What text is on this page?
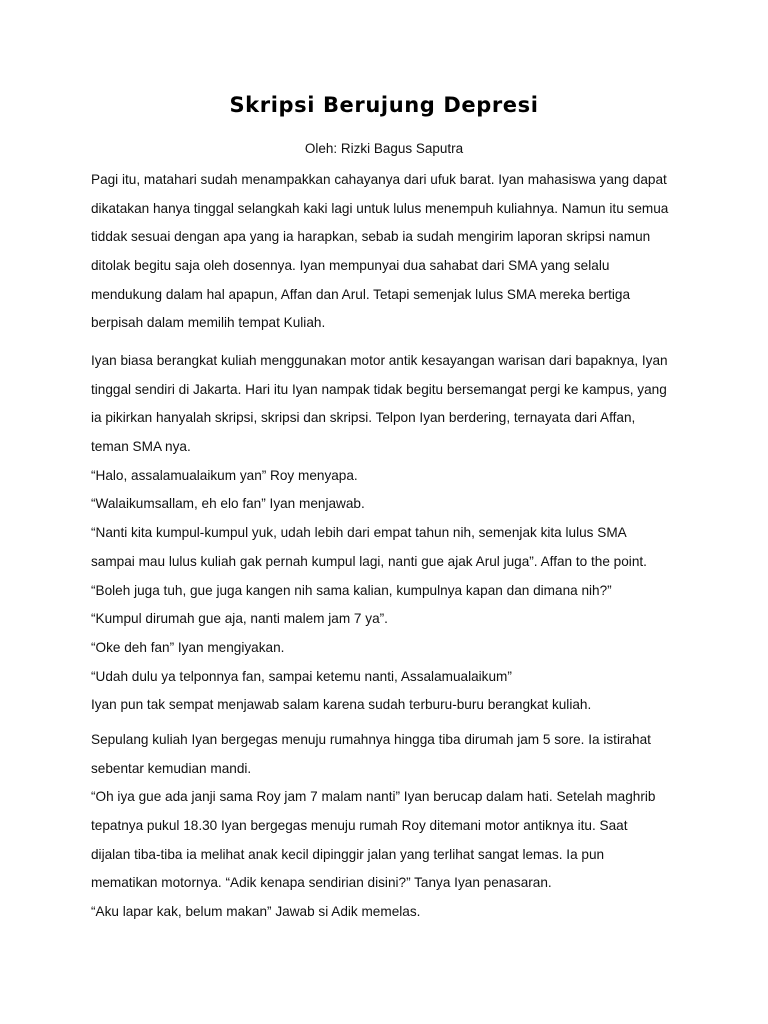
Skripsi Berujung Depresi

Oleh: Rizki Bagus Saputra

Pagi itu, matahari sudah menampakkan cahayanya dari ufuk barat. Iyan mahasiswa yang dapat
dikatakan hanya tinggal selangkah kaki lagi untuk lulus menempuh kuliahnya. Namun itu semua
tiddak sesuai dengan apa yang ia harapkan, sebab ia sudah mengirim laporan skripsi namun
ditolak begitu saja oleh dosennya. Iyan mempunyai dua sahabat dari SMA yang selalu
mendukung dalam hal apapun, Affan dan Arul. Tetapi semenjak lulus SMA mereka bertiga
berpisah dalam memilih tempat Kuliah.
Iyan biasa berangkat kuliah menggunakan motor antik kesayangan warisan dari bapaknya, Iyan
tinggal sendiri di Jakarta. Hari itu Iyan nampak tidak begitu bersemangat pergi ke kampus, yang
ia pikirkan hanyalah skripsi, skripsi dan skripsi. Telpon Iyan berdering, ternayata dari Affan,
teman SMA nya.
“Halo, assalamualaikum yan” Roy menyapa.
“Walaikumsallam, eh elo fan” Iyan menjawab.
“Nanti kita kumpul-kumpul yuk, udah lebih dari empat tahun nih, semenjak kita lulus SMA
sampai mau lulus kuliah gak pernah kumpul lagi, nanti gue ajak Arul juga”. Affan to the point.
“Boleh juga tuh, gue juga kangen nih sama kalian, kumpulnya kapan dan dimana nih?”
“Kumpul dirumah gue aja, nanti malem jam 7 ya”.
“Oke deh fan” Iyan mengiyakan.
“Udah dulu ya telponnya fan, sampai ketemu nanti, Assalamualaikum”
Iyan pun tak sempat menjawab salam karena sudah terburu-buru berangkat kuliah.
Sepulang kuliah Iyan bergegas menuju rumahnya hingga tiba dirumah jam 5 sore. Ia istirahat
sebentar kemudian mandi.
“Oh iya gue ada janji sama Roy jam 7 malam nanti” Iyan berucap dalam hati. Setelah maghrib
tepatnya pukul 18.30 Iyan bergegas menuju rumah Roy ditemani motor antiknya itu. Saat
dijalan tiba-tiba ia melihat anak kecil dipinggir jalan yang terlihat sangat lemas. Ia pun
mematikan motornya. “Adik kenapa sendirian disini?” Tanya Iyan penasaran.
“Aku lapar kak, belum makan” Jawab si Adik memelas.
